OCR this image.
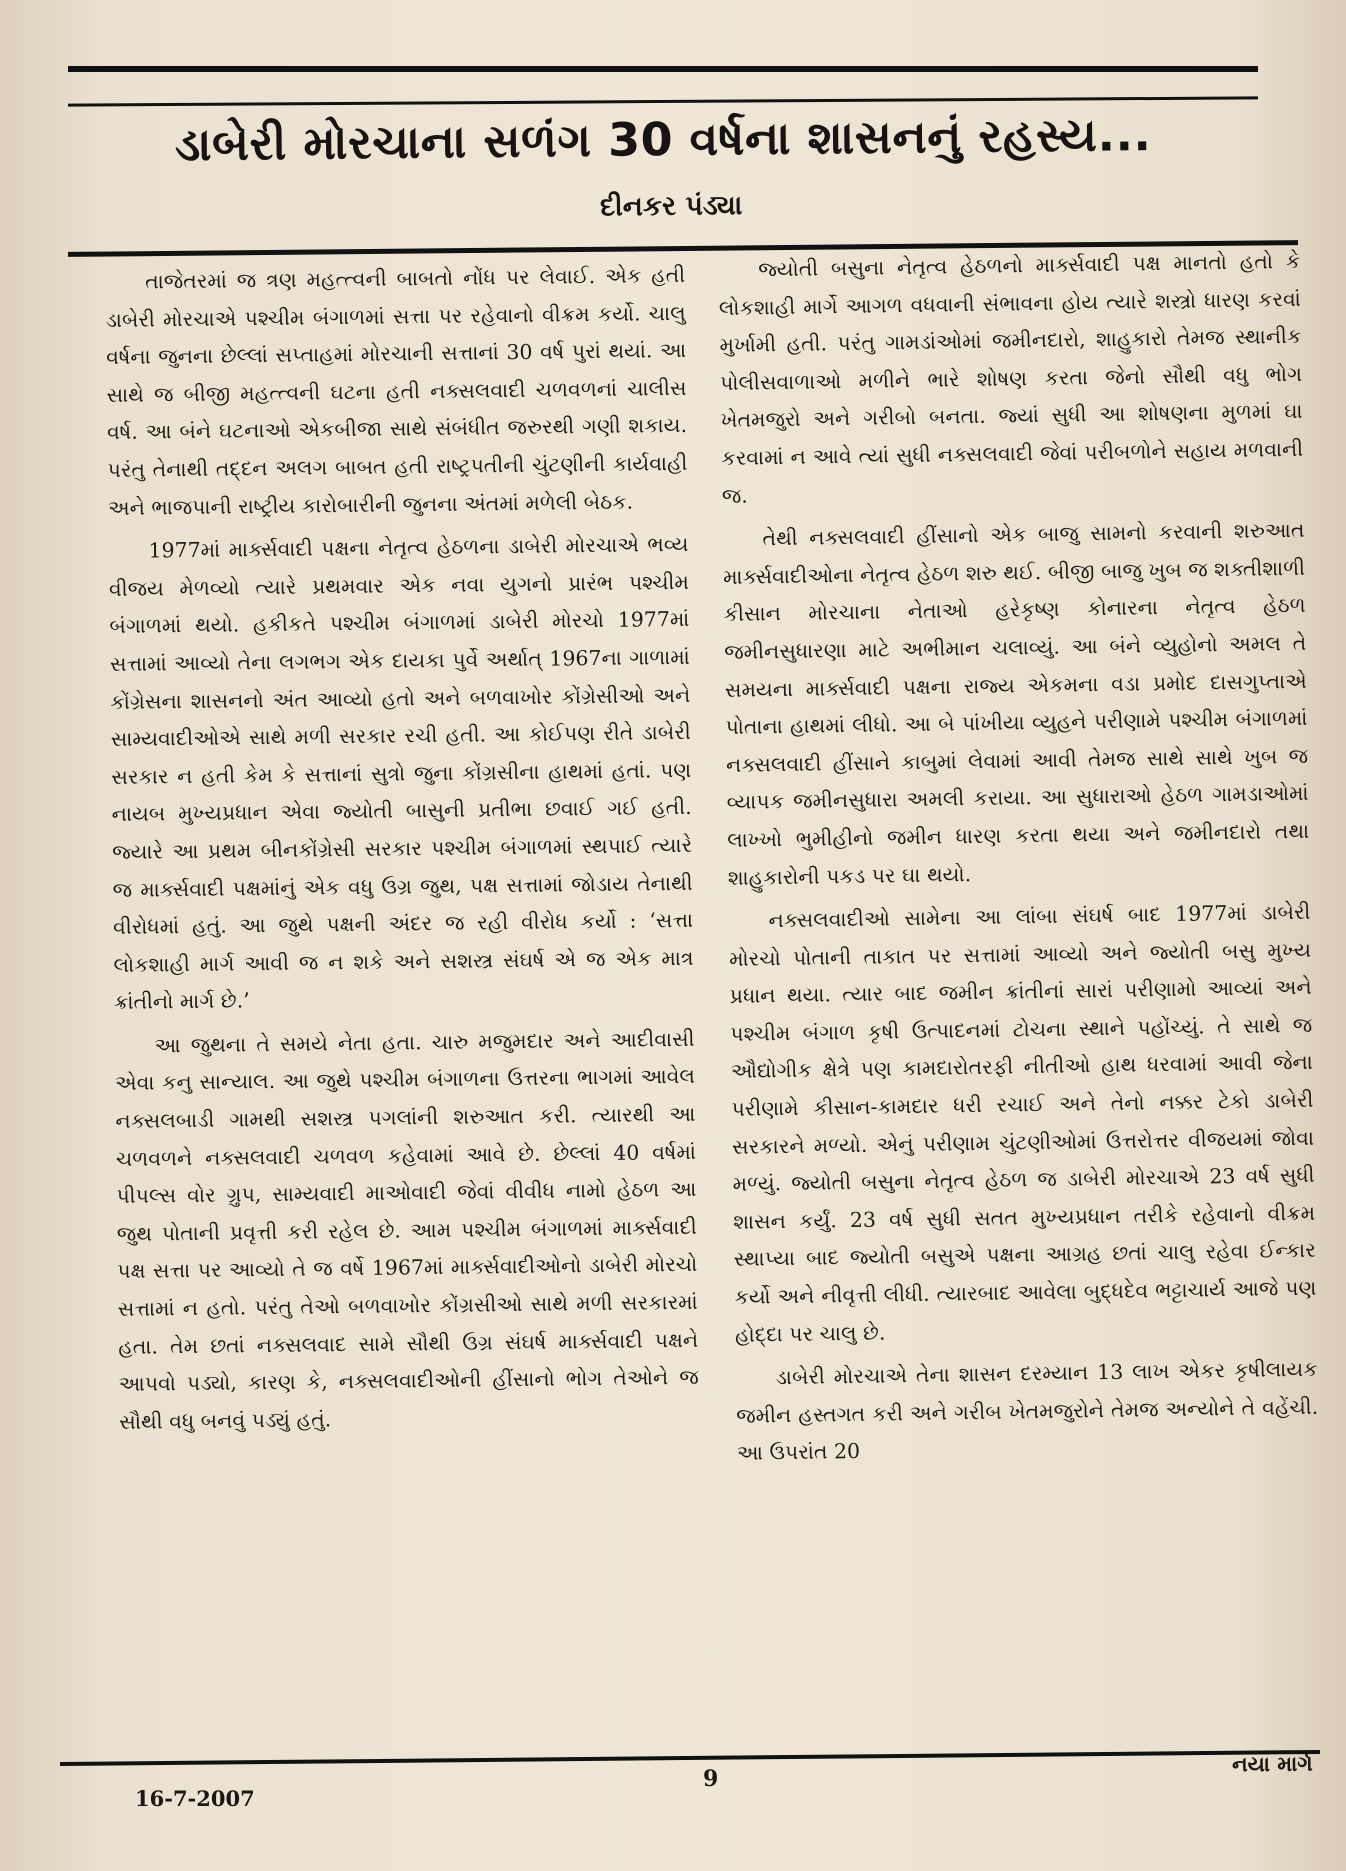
ડાબેરી મોરચાના સળંગ 30 વર્ષના શાસનનું રહસ્ય...
દીનકર પંડ્યા

તાજેતરમાં જ ત્રણ મહત્ત્વની બાબતો નોંધ પર લેવાઈ. એક હતી ડાબેરી મોરચાએ પશ્ચીમ બંગાળમાં સત્તા પર રહેવાનો વીક્રમ કર્યો. ચાલુ વર્ષના જુનના છેલ્લાં સપ્તાહમાં મોરચાની સત્તાનાં 30 વર્ષ પુરાં થયાં. આ સાથે જ બીજી મહત્ત્વની ઘટના હતી નક્સલવાદી ચળવળનાં ચાલીસ વર્ષ. આ બંને ઘટનાઓ એકબીજા સાથે સંબંધીત જરુરથી ગણી શકાય. પરંતુ તેનાથી તદ્દન અલગ બાબત હતી રાષ્ટ્રપતીની ચુંટણીની કાર્યવાહી અને ભાજપાની રાષ્ટ્રીય કારોબારીની જુનના અંતમાં મળેલી બેઠક.

1977માં માર્ક્સવાદી પક્ષના નેતૃત્વ હેઠળના ડાબેરી મોરચાએ ભવ્ય વીજય મેળવ્યો ત્યારે પ્રથમવાર એક નવા યુગનો પ્રારંભ પશ્ચીમ બંગાળમાં થયો. હકીકતે પશ્ચીમ બંગાળમાં ડાબેરી મોરચો 1977માં સત્તામાં આવ્યો તેના લગભગ એક દાયકા પુર્વે અર્થાત્ 1967ના ગાળામાં કોંગ્રેસના શાસનનો અંત આવ્યો હતો અને બળવાખોર કોંગ્રેસીઓ અને સામ્યવાદીઓએ સાથે મળી સરકાર રચી હતી. આ કોઈપણ રીતે ડાબેરી સરકાર ન હતી કેમ કે સત્તાનાં સુત્રો જુના કોંગ્રસીના હાથમાં હતાં. પણ નાયબ મુખ્યપ્રધાન એવા જ્યોતી બાસુની પ્રતીભા છવાઈ ગઈ હતી. જ્યારે આ પ્રથમ બીનકોંગ્રેસી સરકાર પશ્ચીમ બંગાળમાં સ્થપાઈ ત્યારે જ માર્ક્સવાદી પક્ષમાંનું એક વધુ ઉગ્ર જુથ, પક્ષ સત્તામાં જોડાય તેનાથી વીરોધમાં હતું. આ જુથે પક્ષની અંદર જ રહી વીરોધ કર્યો : ‘સત્તા લોકશાહી માર્ગ આવી જ ન શકે અને સશસ્ત્ર સંઘર્ષ એ જ એક માત્ર ક્રાંતીનો માર્ગ છે.’

આ જુથના તે સમયે નેતા હતા. ચારુ મજુમદાર અને આદીવાસી એવા કનુ સાન્યાલ. આ જુથે પશ્ચીમ બંગાળના ઉત્તરના ભાગમાં આવેલ નક્સલબાડી ગામથી સશસ્ત્ર પગલાંની શરુઆત કરી. ત્યારથી આ ચળવળને નક્સલવાદી ચળવળ કહેવામાં આવે છે. છેલ્લાં 40 વર્ષમાં પીપલ્સ વોર ગ્રુપ, સામ્યવાદી માઓવાદી જેવાં વીવીધ નામો હેઠળ આ જુથ પોતાની પ્રવૃત્તી કરી રહેલ છે. આમ પશ્ચીમ બંગાળમાં માર્ક્સવાદી પક્ષ સત્તા પર આવ્યો તે જ વર્ષે 1967માં માર્ક્સવાદીઓનો ડાબેરી મોરચો સત્તામાં ન હતો. પરંતુ તેઓ બળવાખોર કોંગ્રસીઓ સાથે મળી સરકારમાં હતા. તેમ છતાં નક્સલવાદ સામે સૌથી ઉગ્ર સંઘર્ષ માર્ક્સવાદી પક્ષને આપવો પડ્યો, કારણ કે, નક્સલવાદીઓની હીંસાનો ભોગ તેઓને જ સૌથી વધુ બનવું પડ્યું હતું.

જ્યોતી બસુના નેતૃત્વ હેઠળનો માર્ક્સવાદી પક્ષ માનતો હતો કે લોકશાહી માર્ગે આગળ વધવાની સંભાવના હોય ત્યારે શસ્ત્રો ધારણ કરવાં મુર્ખામી હતી. પરંતુ ગામડાંઓમાં જમીનદારો, શાહુકારો તેમજ સ્થાનીક પોલીસવાળાઓ મળીને ભારે શોષણ કરતા જેનો સૌથી વધુ ભોગ ખેતમજુરો અને ગરીબો બનતા. જ્યાં સુધી આ શોષણના મુળમાં ઘા કરવામાં ન આવે ત્યાં સુધી નક્સલવાદી જેવાં પરીબળોને સહાય મળવાની જ.

તેથી નક્સલવાદી હીંસાનો એક બાજુ સામનો કરવાની શરુઆત માર્ક્સવાદીઓના નેતૃત્વ હેઠળ શરુ થઈ. બીજી બાજુ ખુબ જ શક્તીશાળી કીસાન મોરચાના નેતાઓ હરેકૃષ્ણ કોનારના નેતૃત્વ હેઠળ જમીનસુધારણા માટે અભીમાન ચલાવ્યું. આ બંને વ્યુહોનો અમલ તે સમયના માર્ક્સવાદી પક્ષના રાજ્ય એકમના વડા પ્રમોદ દાસગુપ્તાએ પોતાના હાથમાં લીધો. આ બે પાંખીયા વ્યુહને પરીણામે પશ્ચીમ બંગાળમાં નક્સલવાદી હીંસાને કાબુમાં લેવામાં આવી તેમજ સાથે સાથે ખુબ જ વ્યાપક જમીનસુધારા અમલી કરાયા. આ સુધારાઓ હેઠળ ગામડાઓમાં લાખ્ખો ભુમીહીનો જમીન ધારણ કરતા થયા અને જમીનદારો તથા શાહુકારોની પકડ પર ઘા થયો.

નક્સલવાદીઓ સામેના આ લાંબા સંઘર્ષ બાદ 1977માં ડાબેરી મોરચો પોતાની તાકાત પર સત્તામાં આવ્યો અને જ્યોતી બસુ મુખ્ય પ્રધાન થયા. ત્યાર બાદ જમીન ક્રાંતીનાં સારાં પરીણામો આવ્યાં અને પશ્ચીમ બંગાળ કૃષી ઉત્પાદનમાં ટોચના સ્થાને પહોંચ્યું. તે સાથે જ ઔદ્યોગીક ક્ષેત્રે પણ કામદારોતરફી નીતીઓ હાથ ધરવામાં આવી જેના પરીણામે કીસાન-કામદાર ધરી રચાઈ અને તેનો નક્કર ટેકો ડાબેરી સરકારને મળ્યો. એનું પરીણામ ચુંટણીઓમાં ઉત્તરોત્તર વીજયમાં જોવા મળ્યું. જ્યોતી બસુના નેતૃત્વ હેઠળ જ ડાબેરી મોરચાએ 23 વર્ષ સુધી શાસન કર્યું. 23 વર્ષ સુધી સતત મુખ્યપ્રધાન તરીકે રહેવાનો વીક્રમ સ્થાપ્યા બાદ જ્યોતી બસુએ પક્ષના આગ્રહ છતાં ચાલુ રહેવા ઈન્કાર કર્યો અને નીવૃત્તી લીધી. ત્યારબાદ આવેલા બુદ્ધદેવ ભટ્ટાચાર્ય આજે પણ હોદ્દા પર ચાલુ છે.

ડાબેરી મોરચાએ તેના શાસન દરમ્યાન 13 લાખ એકર કૃષીલાયક જમીન હસ્તગત કરી અને ગરીબ ખેતમજુરોને તેમજ અન્યોને તે વહેંચી. આ ઉપરાંત 20

9
16-7-2007
નયા માર્ગ
